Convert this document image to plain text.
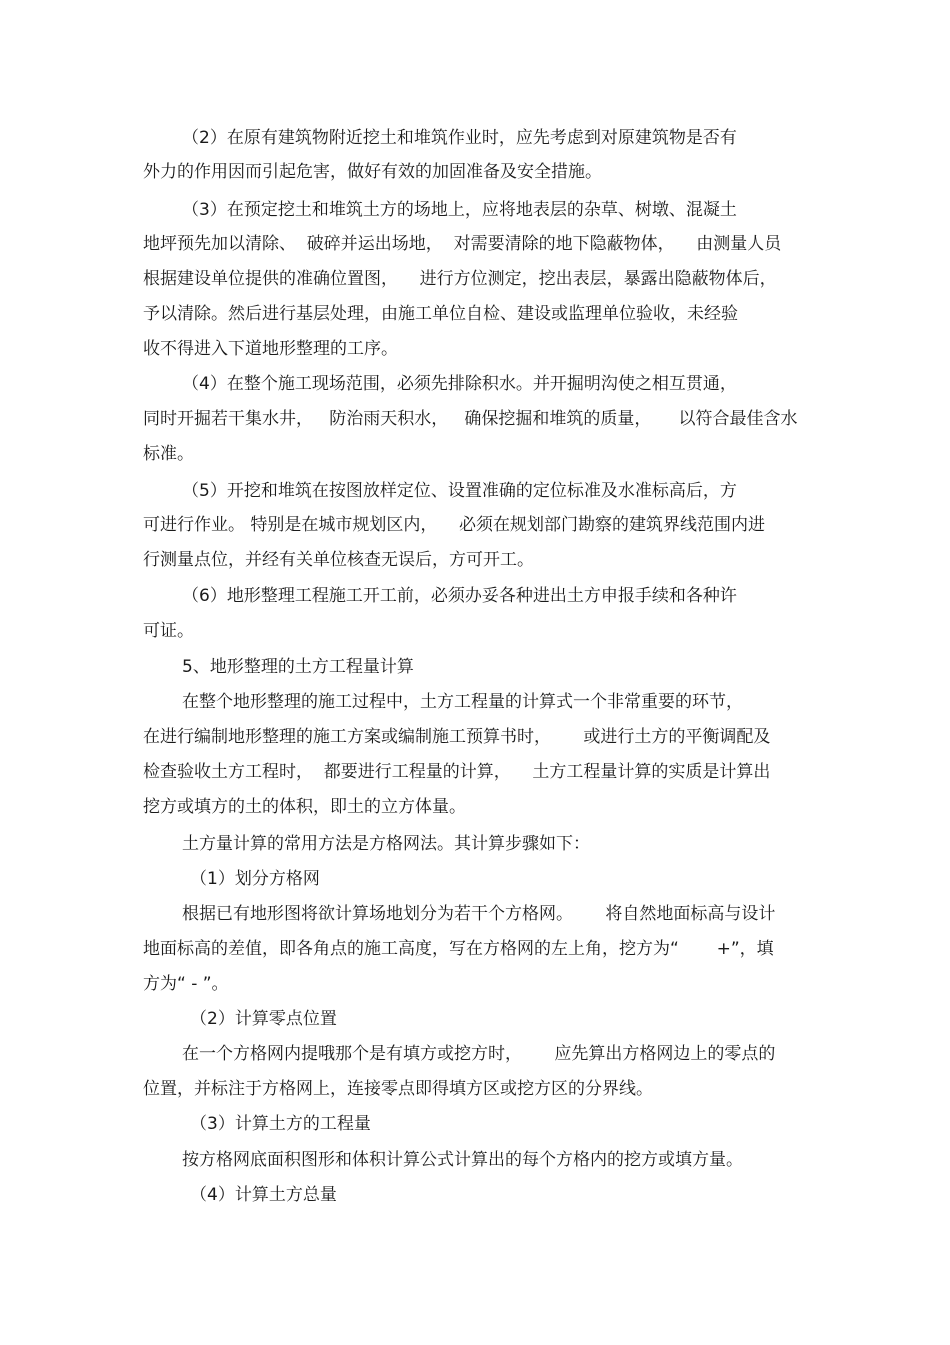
（2）在原有建筑物附近挖土和堆筑作业时，应先考虑到对原建筑物是否有
外力的作用因而引起危害，做好有效的加固准备及安全措施。
（3）在预定挖土和堆筑土方的场地上，应将地表层的杂草、树墩、混凝土
地坪预先加以清除、  破碎并运出场地，  对需要清除的地下隐蔽物体，    由测量人员
根据建设单位提供的准确位置图，    进行方位测定，挖出表层，暴露出隐蔽物体后，
予以清除。然后进行基层处理，由施工单位自检、建设或监理单位验收，未经验
收不得进入下道地形整理的工序。
（4）在整个施工现场范围，必须先排除积水。并开掘明沟使之相互贯通，
同时开掘若干集水井，   防治雨天积水，   确保挖掘和堆筑的质量，     以符合最佳含水
标准。
（5）开挖和堆筑在按图放样定位、设置准确的定位标准及水准标高后，方
可进行作业。 特别是在城市规划区内，    必须在规划部门勘察的建筑界线范围内进
行测量点位，并经有关单位核查无误后，方可开工。
（6）地形整理工程施工开工前，必须办妥各种进出土方申报手续和各种许
可证。
5、地形整理的土方工程量计算
在整个地形整理的施工过程中，土方工程量的计算式一个非常重要的环节，
在进行编制地形整理的施工方案或编制施工预算书时，      或进行土方的平衡调配及
检查验收土方工程时，  都要进行工程量的计算，    土方工程量计算的实质是计算出
挖方或填方的土的体积，即土的立方体量。
土方量计算的常用方法是方格网法。其计算步骤如下：
（1）划分方格网
根据已有地形图将欲计算场地划分为若干个方格网。      将自然地面标高与设计
地面标高的差值，即各角点的施工高度，写在方格网的左上角，挖方为“       +”，填
方为“ - ”。
（2）计算零点位置
在一个方格网内提哦那个是有填方或挖方时，      应先算出方格网边上的零点的
位置，并标注于方格网上，连接零点即得填方区或挖方区的分界线。
（3）计算土方的工程量
按方格网底面积图形和体积计算公式计算出的每个方格内的挖方或填方量。
（4）计算土方总量
